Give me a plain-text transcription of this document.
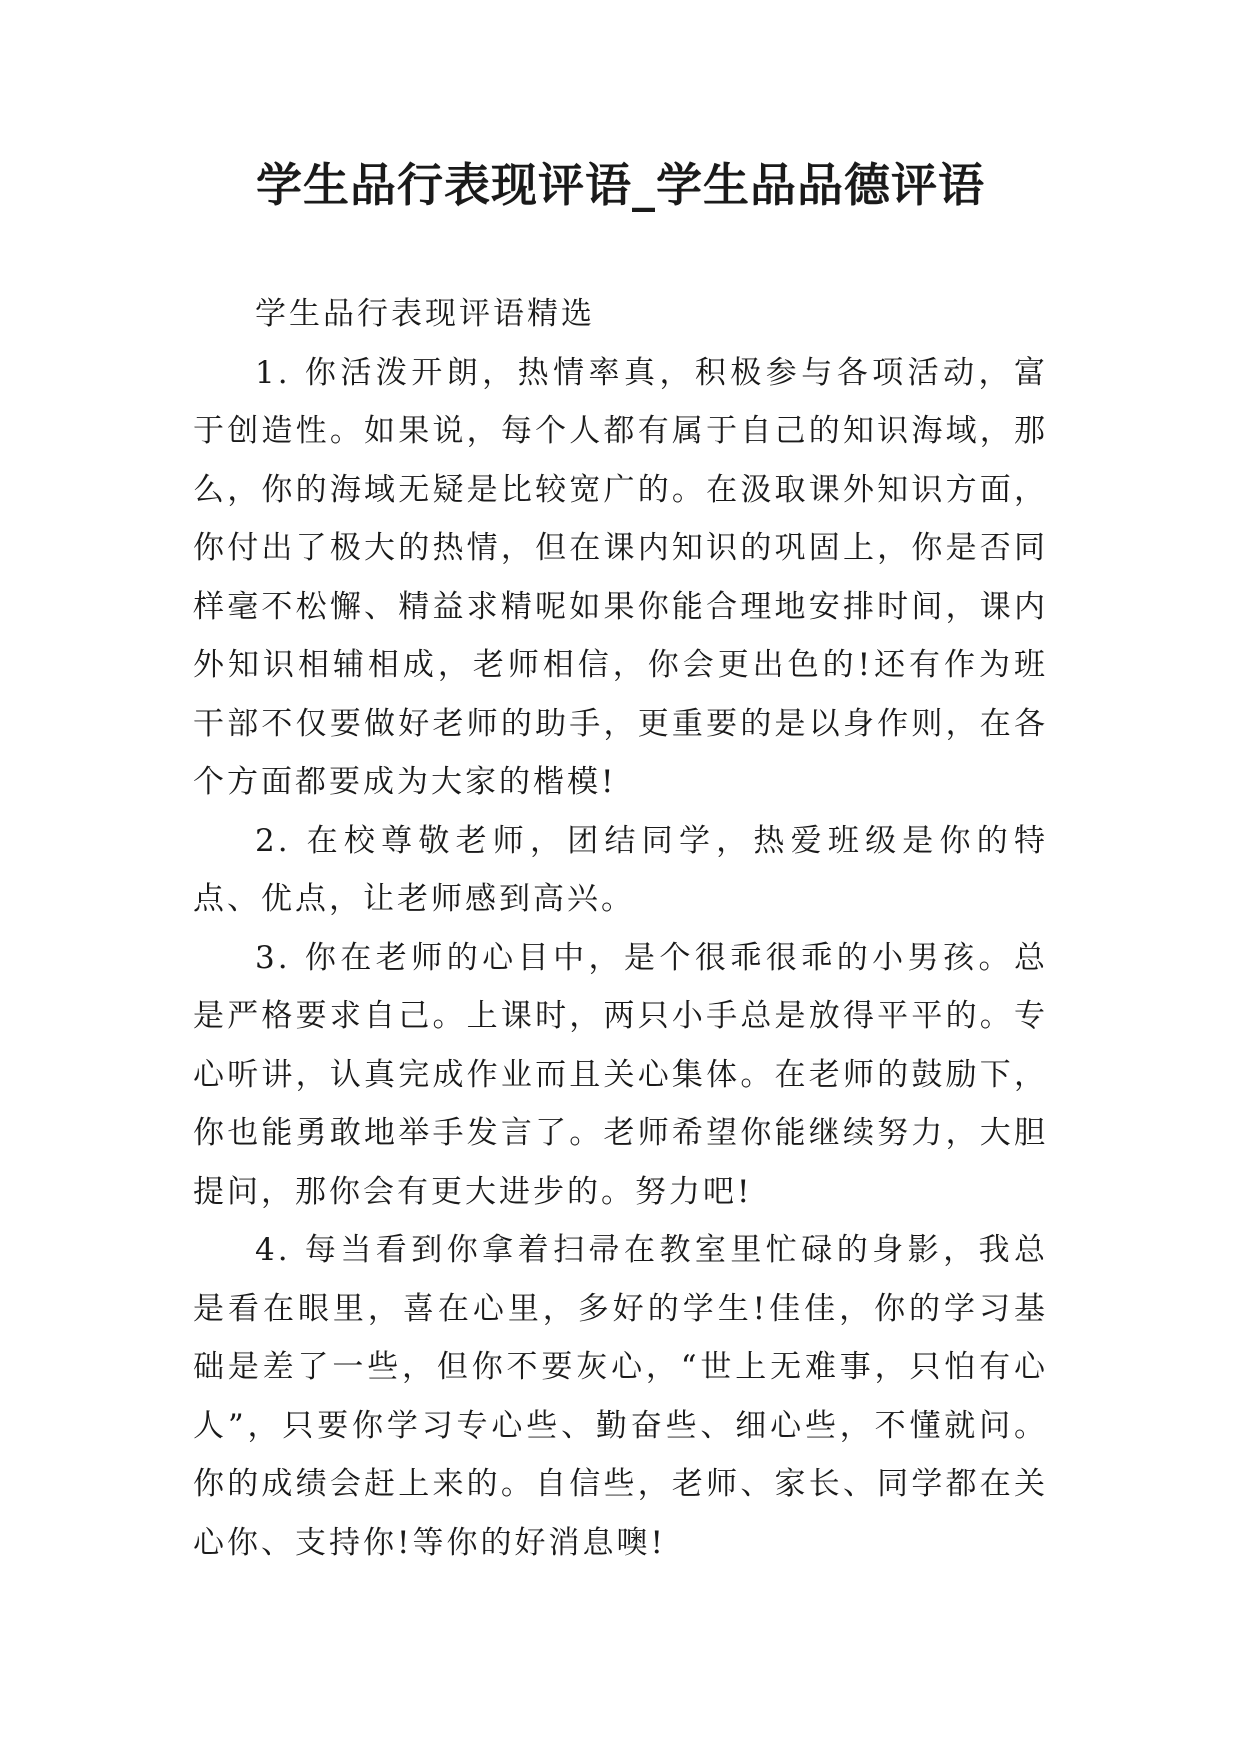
学生品行表现评语_学生品品德评语

学生品行表现评语精选

1. 你活泼开朗，热情率真，积极参与各项活动，富于创造性。如果说，每个人都有属于自己的知识海域，那么，你的海域无疑是比较宽广的。在汲取课外知识方面，你付出了极大的热情，但在课内知识的巩固上，你是否同样毫不松懈、精益求精呢如果你能合理地安排时间，课内外知识相辅相成，老师相信，你会更出色的!还有作为班干部不仅要做好老师的助手，更重要的是以身作则，在各个方面都要成为大家的楷模!

2. 在校尊敬老师，团结同学，热爱班级是你的特点、优点，让老师感到高兴。

3. 你在老师的心目中，是个很乖很乖的小男孩。总是严格要求自己。上课时，两只小手总是放得平平的。专心听讲，认真完成作业而且关心集体。在老师的鼓励下，你也能勇敢地举手发言了。老师希望你能继续努力，大胆提问，那你会有更大进步的。努力吧!

4. 每当看到你拿着扫帚在教室里忙碌的身影，我总是看在眼里，喜在心里，多好的学生!佳佳，你的学习基础是差了一些，但你不要灰心，“世上无难事，只怕有心人”，只要你学习专心些、勤奋些、细心些，不懂就问。你的成绩会赶上来的。自信些，老师、家长、同学都在关心你、支持你!等你的好消息噢!
